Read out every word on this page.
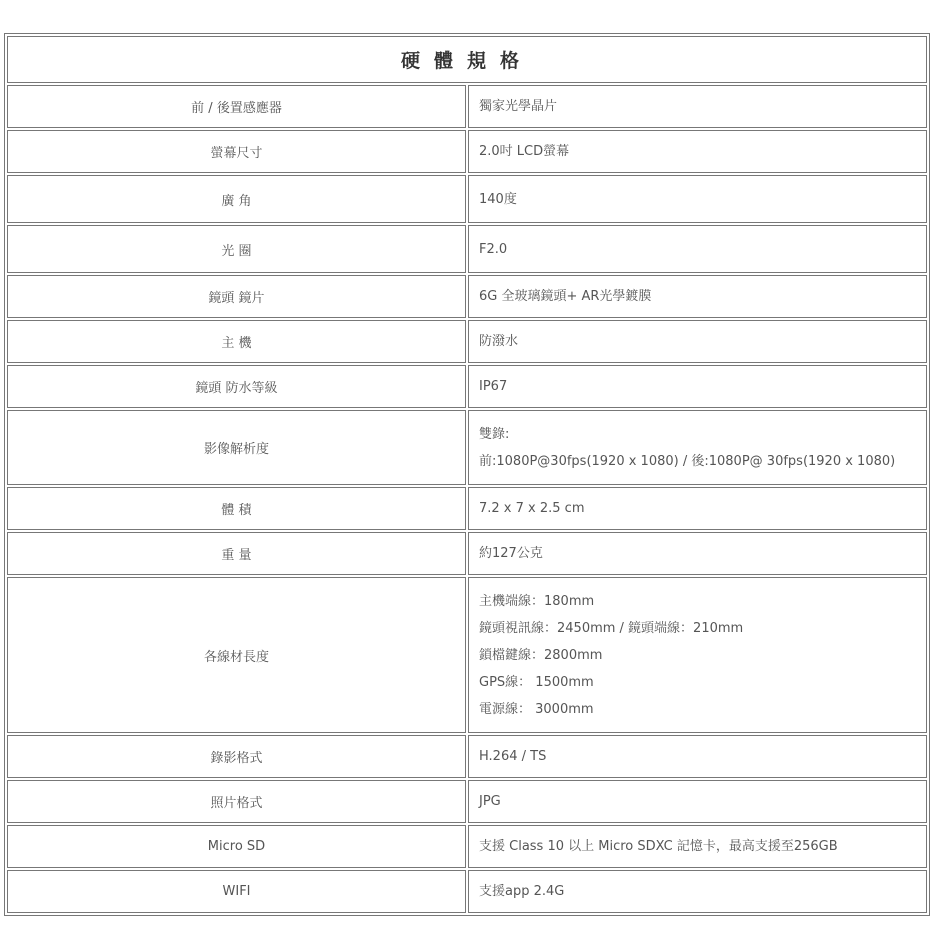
硬體規格	
前 / 後置感應器	獨家光學晶片

螢幕尺寸	2.0吋 LCD螢幕

廣 角	140度

光 圈	F2.0

鏡頭 鏡片	6G 全玻璃鏡頭+ AR光學鍍膜

主 機	防潑水

鏡頭 防水等級	IP67

影像解析度	雙錄:
前:1080P@30fps(1920 x 1080) / 後:1080P@ 30fps(1920 x 1080)

體 積	7.2 x 7 x 2.5 cm

重 量	約127公克

各線材長度	主機端線：180mm
鏡頭視訊線：2450mm / 鏡頭端線：210mm
鎖檔鍵線：2800mm
GPS線： 1500mm
電源線： 3000mm

錄影格式	H.264 / TS

照片格式	JPG

Micro SD	支援 Class 10 以上 Micro SDXC 記憶卡，最高支援至256GB

WIFI	支援app 2.4G
